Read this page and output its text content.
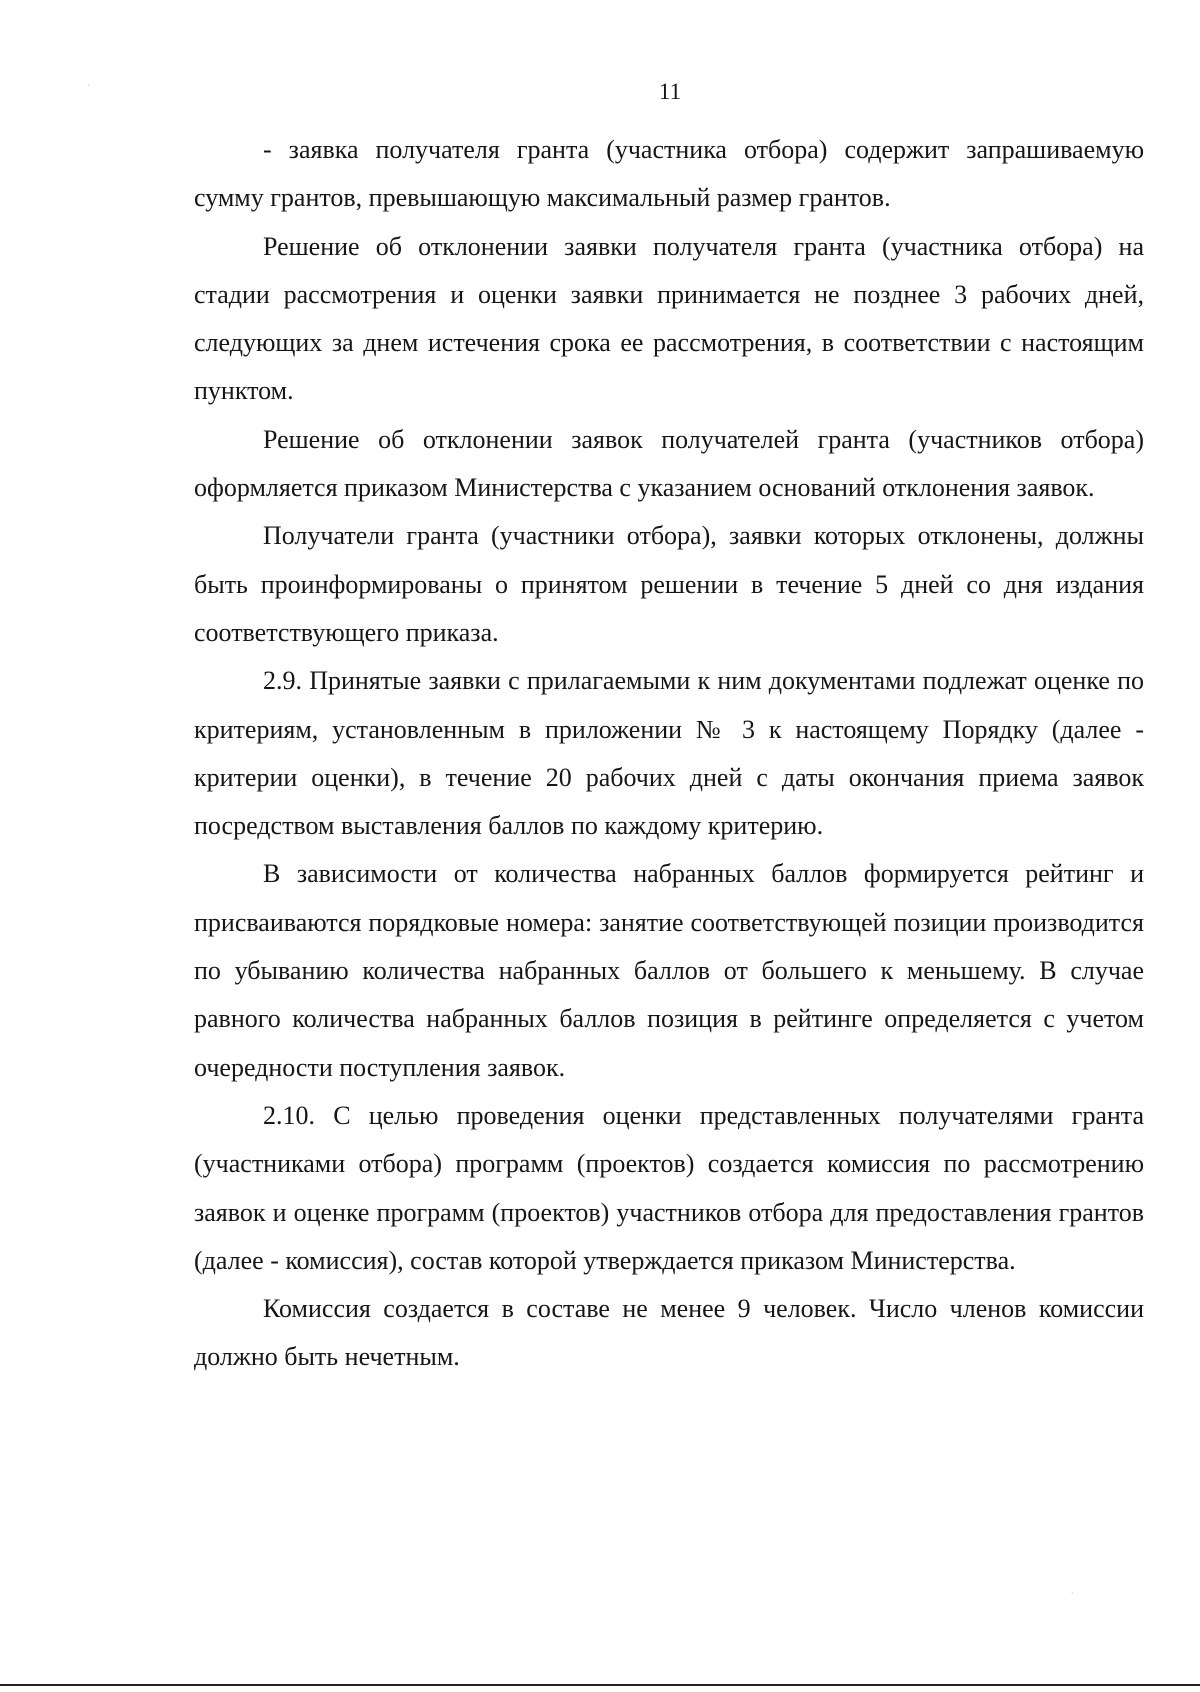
11

- заявка получателя гранта (участника отбора) содержит запрашиваемую сумму грантов, превышающую максимальный размер грантов.

Решение об отклонении заявки получателя гранта (участника отбора) на стадии рассмотрения и оценки заявки принимается не позднее 3 рабочих дней, следующих за днем истечения срока ее рассмотрения, в соответствии с настоящим пунктом.

Решение об отклонении заявок получателей гранта (участников отбора) оформляется приказом Министерства с указанием оснований отклонения заявок.

Получатели гранта (участники отбора), заявки которых отклонены, должны быть проинформированы о принятом решении в течение 5 дней со дня издания соответствующего приказа.

2.9. Принятые заявки с прилагаемыми к ним документами подлежат оценке по критериям, установленным в приложении № 3 к настоящему Порядку (далее - критерии оценки), в течение 20 рабочих дней с даты окончания приема заявок посредством выставления баллов по каждому критерию.

В зависимости от количества набранных баллов формируется рейтинг и присваиваются порядковые номера: занятие соответствующей позиции производится по убыванию количества набранных баллов от большего к меньшему. В случае равного количества набранных баллов позиция в рейтинге определяется с учетом очередности поступления заявок.

2.10. С целью проведения оценки представленных получателями гранта (участниками отбора) программ (проектов) создается комиссия по рассмотрению заявок и оценке программ (проектов) участников отбора для предоставления грантов (далее - комиссия), состав которой утверждается приказом Министерства.

Комиссия создается в составе не менее 9 человек. Число членов комиссии должно быть нечетным.

·
·
